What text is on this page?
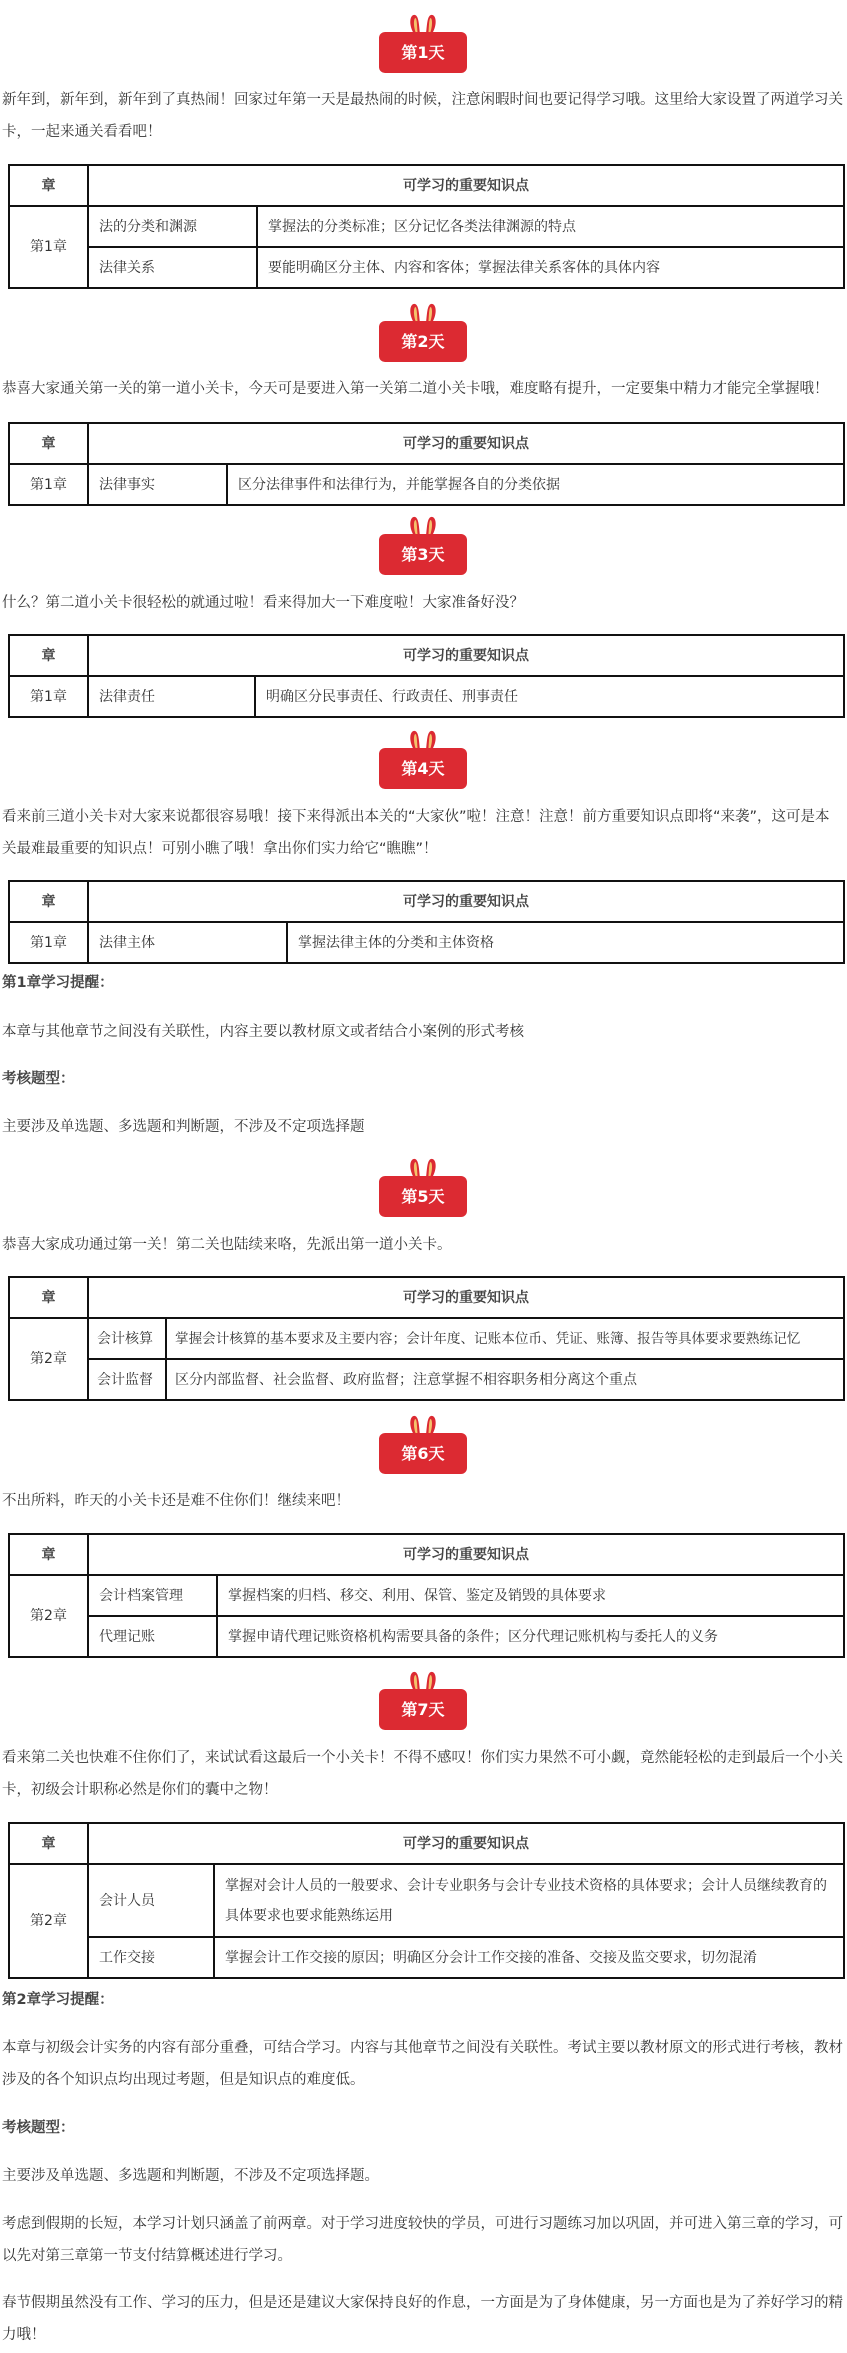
第1天
新年到，新年到，新年到了真热闹！回家过年第一天是最热闹的时候，注意闲暇时间也要记得学习哦。这里给大家设置了两道学习关卡，一起来通关看看吧！
章	可学习的重要知识点	
第1章	法的分类和渊源	掌握法的分类标准；区分记忆各类法律渊源的特点
	法律关系	要能明确区分主体、内容和客体；掌握法律关系客体的具体内容
第2天
恭喜大家通关第一关的第一道小关卡，今天可是要进入第一关第二道小关卡哦，难度略有提升，一定要集中精力才能完全掌握哦！
章	可学习的重要知识点	
第1章	法律事实	区分法律事件和法律行为，并能掌握各自的分类依据
第3天
什么？第二道小关卡很轻松的就通过啦！看来得加大一下难度啦！大家准备好没？
章	可学习的重要知识点	
第1章	法律责任	明确区分民事责任、行政责任、刑事责任
第4天
看来前三道小关卡对大家来说都很容易哦！接下来得派出本关的“大家伙”啦！注意！注意！前方重要知识点即将“来袭”，这可是本关最难最重要的知识点！可别小瞧了哦！拿出你们实力给它“瞧瞧”！
章	可学习的重要知识点	
第1章	法律主体	掌握法律主体的分类和主体资格
第1章学习提醒：
本章与其他章节之间没有关联性，内容主要以教材原文或者结合小案例的形式考核
考核题型：
主要涉及单选题、多选题和判断题，不涉及不定项选择题
第5天
恭喜大家成功通过第一关！第二关也陆续来咯，先派出第一道小关卡。
章	可学习的重要知识点	
第2章	会计核算	掌握会计核算的基本要求及主要内容；会计年度、记账本位币、凭证、账簿、报告等具体要求要熟练记忆
	会计监督	区分内部监督、社会监督、政府监督；注意掌握不相容职务相分离这个重点
第6天
不出所料，昨天的小关卡还是难不住你们！继续来吧！
章	可学习的重要知识点	
第2章	会计档案管理	掌握档案的归档、移交、利用、保管、鉴定及销毁的具体要求
	代理记账	掌握申请代理记账资格机构需要具备的条件；区分代理记账机构与委托人的义务
第7天
看来第二关也快难不住你们了，来试试看这最后一个小关卡！不得不感叹！你们实力果然不可小觑，竟然能轻松的走到最后一个小关卡，初级会计职称必然是你们的囊中之物！
章	可学习的重要知识点	
第2章	会计人员	掌握对会计人员的一般要求、会计专业职务与会计专业技术资格的具体要求；会计人员继续教育的具体要求也要求能熟练运用
	工作交接	掌握会计工作交接的原因；明确区分会计工作交接的准备、交接及监交要求，切勿混淆
第2章学习提醒：
本章与初级会计实务的内容有部分重叠，可结合学习。内容与其他章节之间没有关联性。考试主要以教材原文的形式进行考核，教材涉及的各个知识点均出现过考题，但是知识点的难度低。
考核题型：
主要涉及单选题、多选题和判断题，不涉及不定项选择题。
考虑到假期的长短，本学习计划只涵盖了前两章。对于学习进度较快的学员，可进行习题练习加以巩固，并可进入第三章的学习，可以先对第三章第一节支付结算概述进行学习。
春节假期虽然没有工作、学习的压力，但是还是建议大家保持良好的作息，一方面是为了身体健康，另一方面也是为了养好学习的精力哦！
